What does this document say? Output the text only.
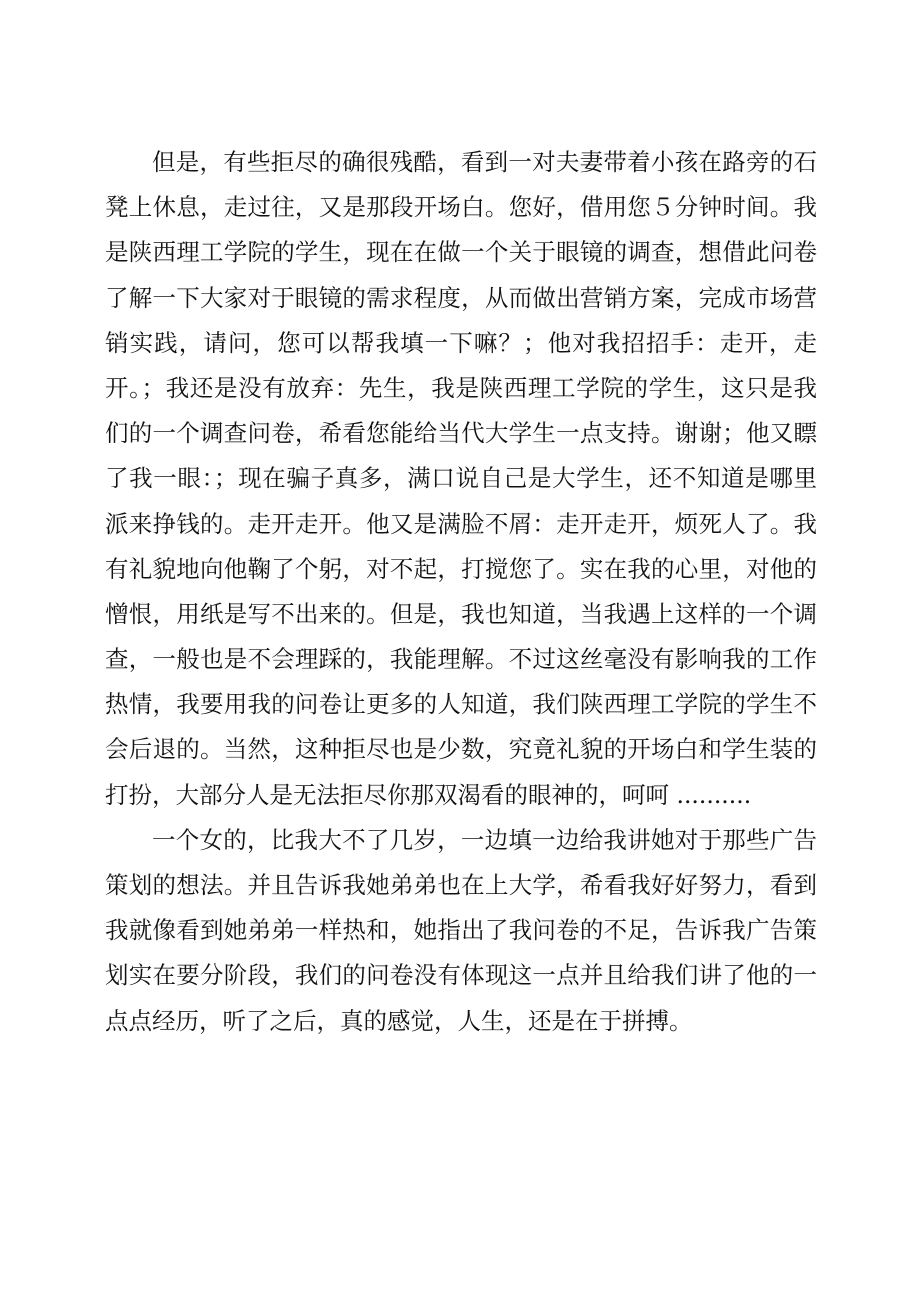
但是，有些拒尽的确很残酷，看到一对夫妻带着小孩在路旁的石
凳上休息，走过往，又是那段开场白。您好，借用您５分钟时间。我
是陕西理工学院的学生，现在在做一个关于眼镜的调查，想借此问卷
了解一下大家对于眼镜的需求程度，从而做出营销方案，完成市场营
销实践，请问，您可以帮我填一下嘛？；他对我招招手：走开，走
开。；我还是没有放弃：先生，我是陕西理工学院的学生，这只是我
们的一个调查问卷，希看您能给当代大学生一点支持。谢谢；他又瞟
了我一眼：；现在骗子真多，满口说自己是大学生，还不知道是哪里
派来挣钱的。走开走开。他又是满脸不屑：走开走开，烦死人了。我
有礼貌地向他鞠了个躬，对不起，打搅您了。实在我的心里，对他的
憎恨，用纸是写不出来的。但是，我也知道，当我遇上这样的一个调
查，一般也是不会理踩的，我能理解。不过这丝毫没有影响我的工作
热情，我要用我的问卷让更多的人知道，我们陕西理工学院的学生不
会后退的。当然，这种拒尽也是少数，究竟礼貌的开场白和学生装的
打扮，大部分人是无法拒尽你那双渴看的眼神的，呵呵 ..........
一个女的，比我大不了几岁，一边填一边给我讲她对于那些广告
策划的想法。并且告诉我她弟弟也在上大学，希看我好好努力，看到
我就像看到她弟弟一样热和，她指出了我问卷的不足，告诉我广告策
划实在要分阶段，我们的问卷没有体现这一点并且给我们讲了他的一
点点经历，听了之后，真的感觉，人生，还是在于拼搏。
